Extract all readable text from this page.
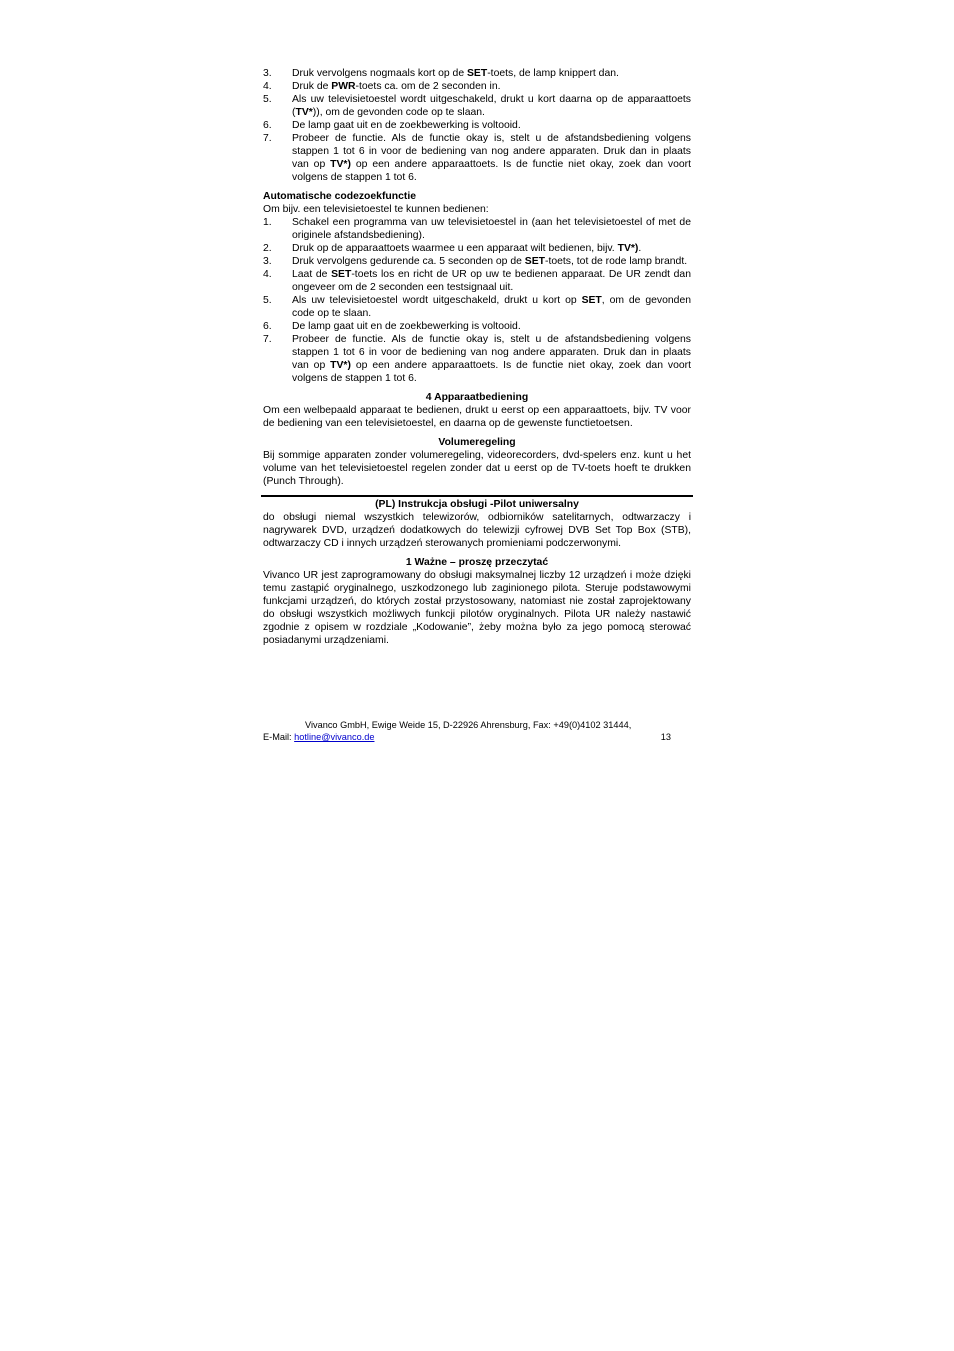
3. Druk vervolgens nogmaals kort op de SET-toets, de lamp knippert dan.
4. Druk de PWR-toets ca. om de 2 seconden in.
5. Als uw televisietoestel wordt uitgeschakeld, drukt u kort daarna op de apparaattoets (TV*)), om de gevonden code op te slaan.
6. De lamp gaat uit en de zoekbewerking is voltooid.
7. Probeer de functie. Als de functie okay is, stelt u de afstandsbediening volgens stappen 1 tot 6 in voor de bediening van nog andere apparaten. Druk dan in plaats van op TV*) op een andere apparaattoets. Is de functie niet okay, zoek dan voort volgens de stappen 1 tot 6.
Automatische codezoekfunctie

Om bijv. een televisietoestel te kunnen bedienen:

1. Schakel een programma van uw televisietoestel in (aan het televisietoestel of met de originele afstandsbediening).
2. Druk op de apparaattoets waarmee u een apparaat wilt bedienen, bijv. TV*).
3. Druk vervolgens gedurende ca. 5 seconden op de SET-toets, tot de rode lamp brandt.
4. Laat de SET-toets los en richt de UR op uw te bedienen apparaat. De UR zendt dan ongeveer om de 2 seconden een testsignaal uit.
5. Als uw televisietoestel wordt uitgeschakeld, drukt u kort op SET, om de gevonden code op te slaan.
6. De lamp gaat uit en de zoekbewerking is voltooid.
7. Probeer de functie. Als de functie okay is, stelt u de afstandsbediening volgens stappen 1 tot 6 in voor de bediening van nog andere apparaten. Druk dan in plaats van op TV*) op een andere apparaattoets. Is de functie niet okay, zoek dan voort volgens de stappen 1 tot 6.
4 Apparaatbediening

Om een welbepaald apparaat te bedienen, drukt u eerst op een apparaattoets, bijv. TV voor de bediening van een televisietoestel, en daarna op de gewenste functietoetsen.

Volumeregeling

Bij sommige apparaten zonder volumeregeling, videorecorders, dvd-spelers enz. kunt u het volume van het televisietoestel regelen zonder dat u eerst op de TV-toets hoeft te drukken (Punch Through).

(PL) Instrukcja obsługi -Pilot uniwersalny

do obsługi niemal wszystkich telewizorów, odbiorników satelitarnych, odtwarzaczy i nagrywarek DVD, urządzeń dodatkowych do telewizji cyfrowej DVB Set Top Box (STB), odtwarzaczy CD i innych urządzeń sterowanych promieniami podczerwonymi.

1 Ważne – proszę przeczytać

Vivanco UR jest zaprogramowany do obsługi maksymalnej liczby 12 urządzeń i może dzięki temu zastąpić oryginalnego, uszkodzonego lub zaginionego pilota. Steruje podstawowymi funkcjami urządzeń, do których został przystosowany, natomiast nie został zaprojektowany do obsługi wszystkich możliwych funkcji pilotów oryginalnych. Pilota UR należy nastawić zgodnie z opisem w rozdziale „Kodowanie”, żeby można było za jego pomocą sterować posiadanymi urządzeniami.

Vivanco GmbH, Ewige Weide 15, D-22926 Ahrensburg, Fax: +49(0)4102 31444,
E-Mail: hotline@vivanco.de	13
